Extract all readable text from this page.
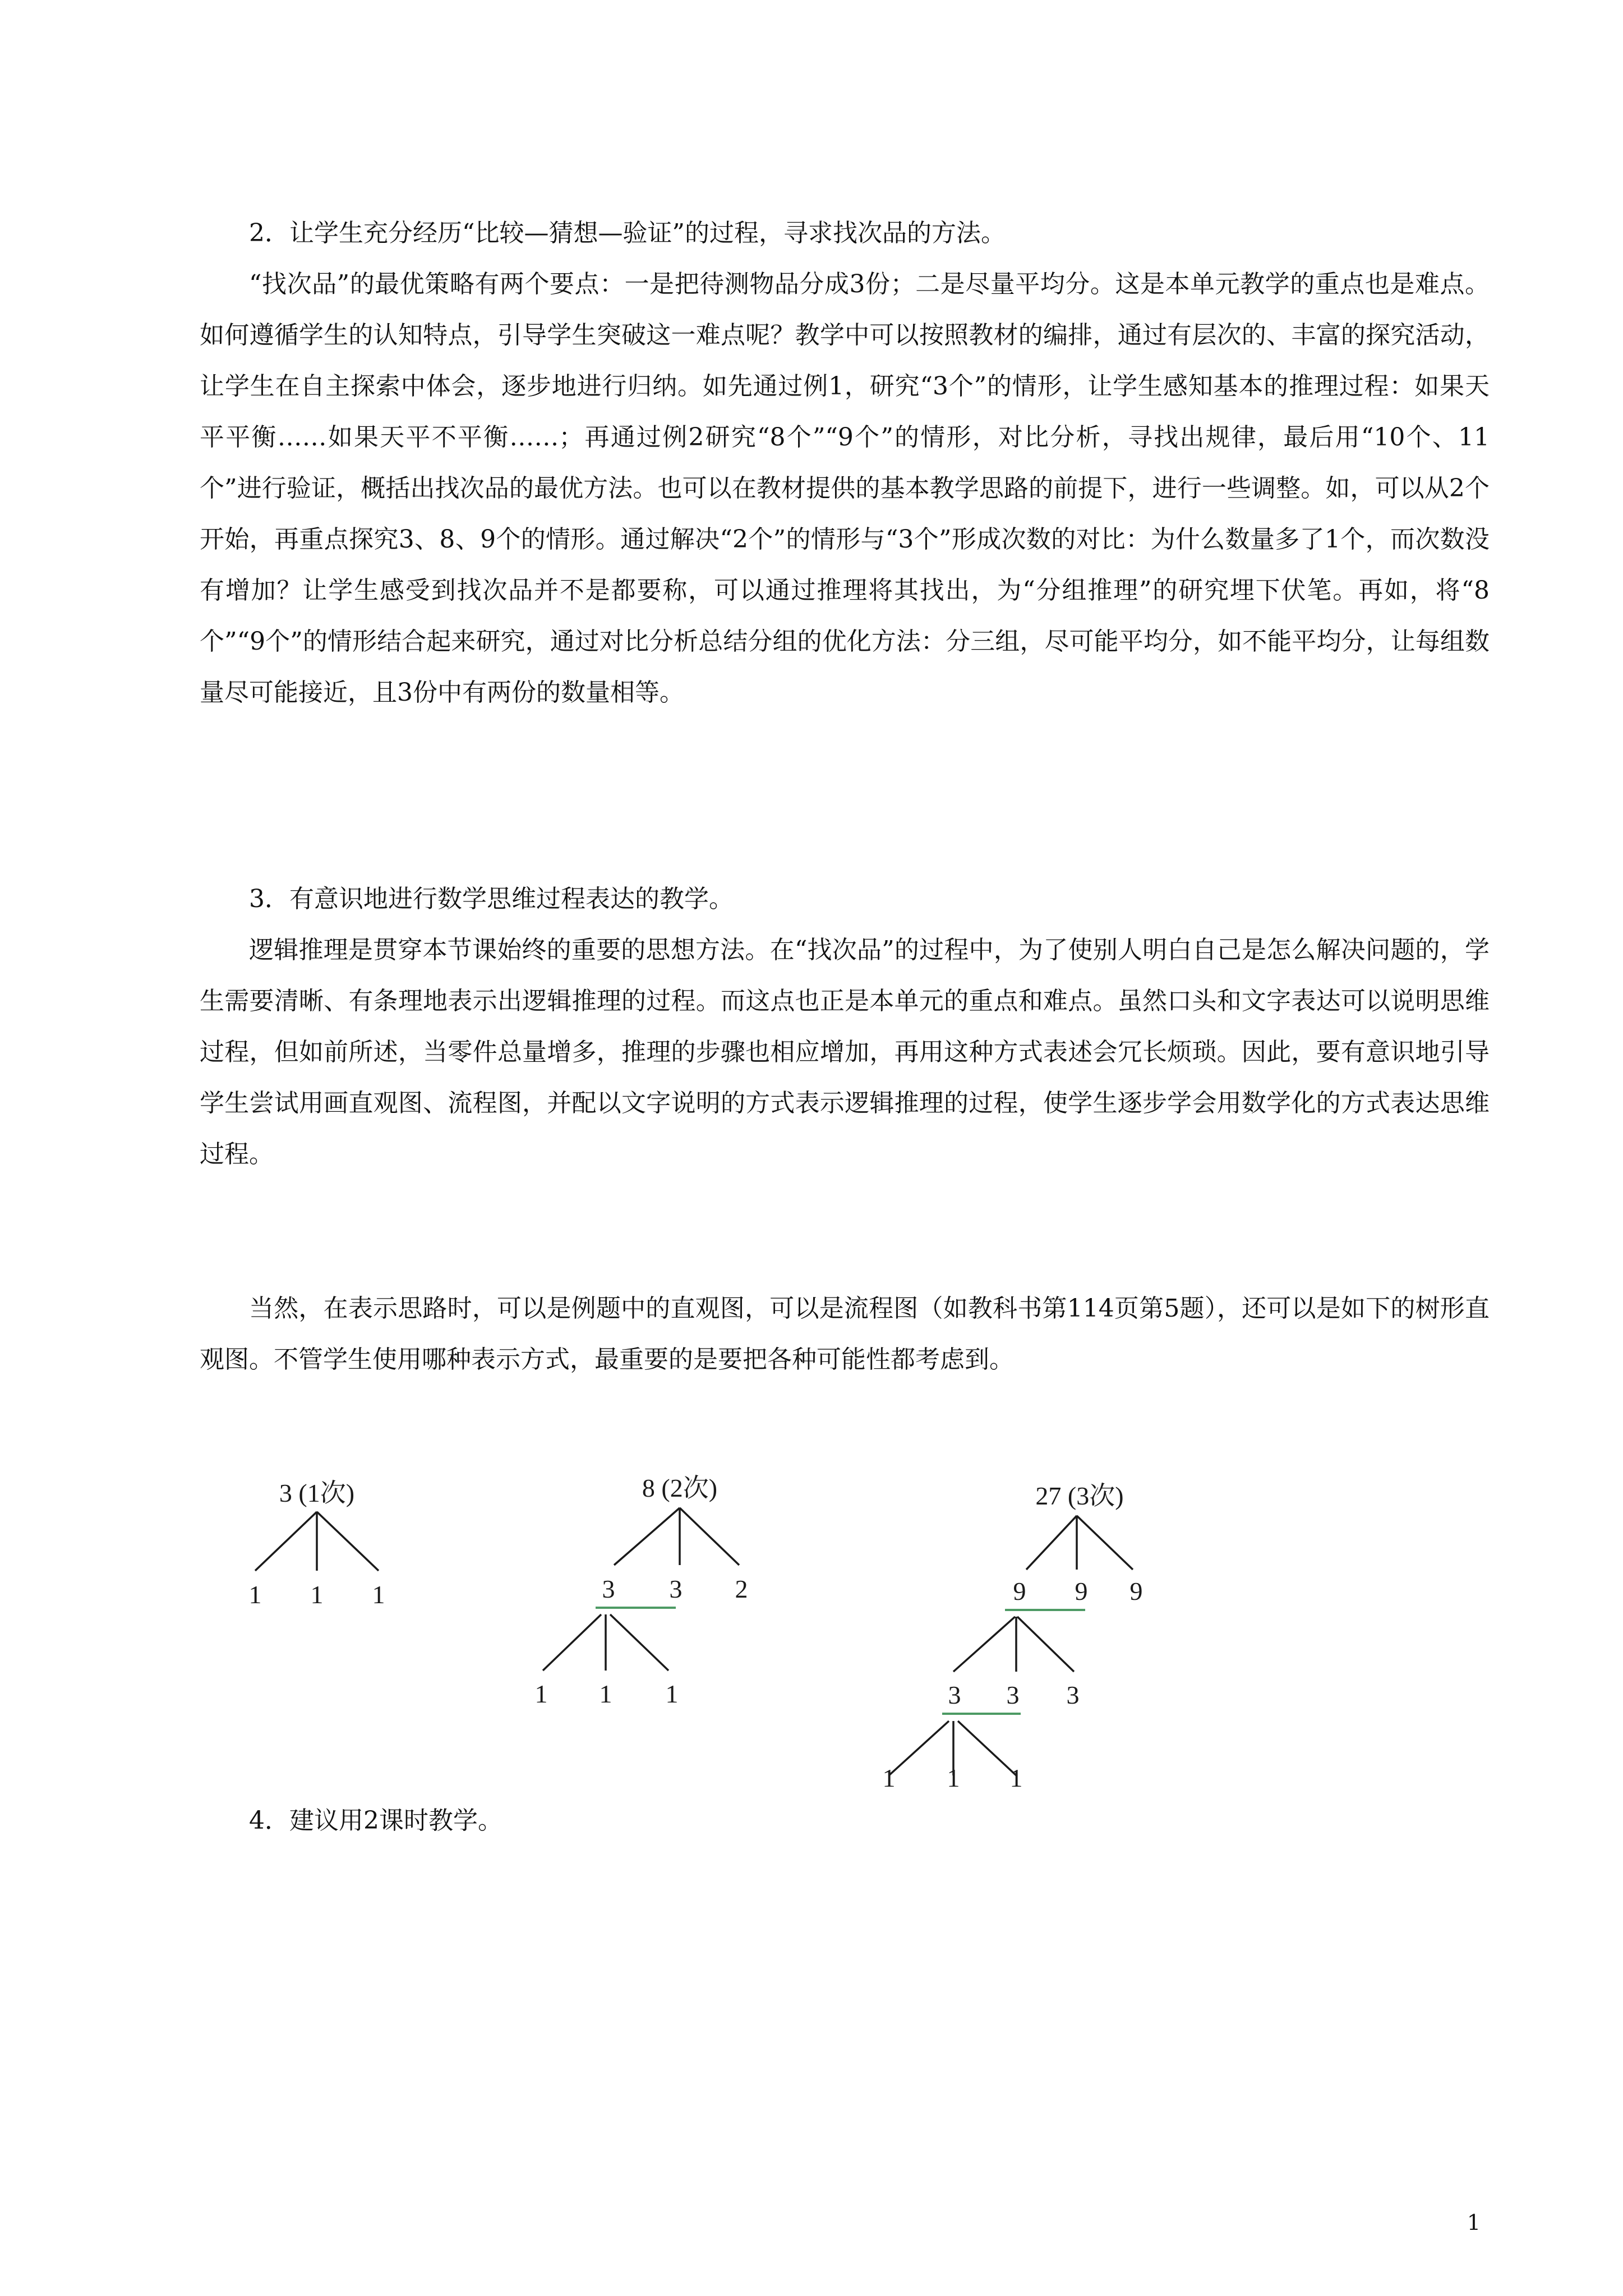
2．让学生充分经历“比较—猜想—验证”的过程，寻求找次品的方法。

“找次品”的最优策略有两个要点：一是把待测物品分成3份；二是尽量平均分。这是本单元教学的重点也是难点。如何遵循学生的认知特点，引导学生突破这一难点呢？教学中可以按照教材的编排，通过有层次的、丰富的探究活动，让学生在自主探索中体会，逐步地进行归纳。如先通过例1，研究“3个”的情形，让学生感知基本的推理过程：如果天平平衡……如果天平不平衡……；再通过例2研究“8个”“9个”的情形，对比分析，寻找出规律，最后用“10个、11个”进行验证，概括出找次品的最优方法。也可以在教材提供的基本教学思路的前提下，进行一些调整。如，可以从2个开始，再重点探究3、8、9个的情形。通过解决“2个”的情形与“3个”形成次数的对比：为什么数量多了1个，而次数没有增加？让学生感受到找次品并不是都要称，可以通过推理将其找出，为“分组推理”的研究埋下伏笔。再如，将“8个”“9个”的情形结合起来研究，通过对比分析总结分组的优化方法：分三组，尽可能平均分，如不能平均分，让每组数量尽可能接近，且3份中有两份的数量相等。

3．有意识地进行数学思维过程表达的教学。

逻辑推理是贯穿本节课始终的重要的思想方法。在“找次品”的过程中，为了使别人明白自己是怎么解决问题的，学生需要清晰、有条理地表示出逻辑推理的过程。而这点也正是本单元的重点和难点。虽然口头和文字表达可以说明思维过程，但如前所述，当零件总量增多，推理的步骤也相应增加，再用这种方式表述会冗长烦琐。因此，要有意识地引导学生尝试用画直观图、流程图，并配以文字说明的方式表示逻辑推理的过程，使学生逐步学会用数学化的方式表达思维过程。

当然，在表示思路时，可以是例题中的直观图，可以是流程图（如教科书第114页第5题），还可以是如下的树形直观图。不管学生使用哪种表示方式，最重要的是要把各种可能性都考虑到。

3 (1次)
1 1 1
8 (2次)
3 3 2
1 1 1
27 (3次)
9 9 9
3 3 3
1 1 1

4．建议用2课时教学。

1
